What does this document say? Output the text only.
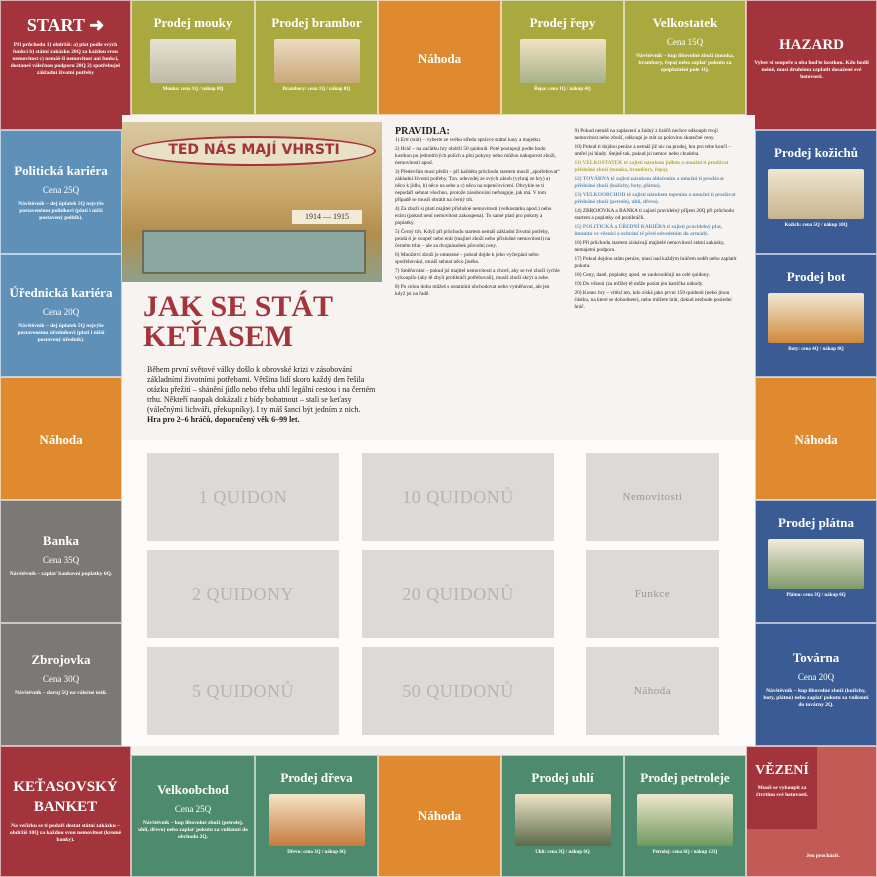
START ➜
Při průchodu 1) obdržíš: a) plat podle svých funkcí b) státní zakázku 20Q za každou svou nemovitost c) nemáš-li nemovitost ani funkci, dostaneš válečnou podporu 20Q 2) spotřebuješ základní životní potřeby
Prodej mouky
Mouka: cena 1Q / nákup 8Q
Prodej brambor
Brambory: cena 1Q / nákup 8Q
Náhoda
Prodej řepy
Řepa: cena 1Q / nákup 4Q
Velkostatek
Cena 15Q
Návštěvník – kup libovolné zboží (mouka, brambory, řepa) nebo zaplať pokutu za zpoplatnění pole 1Q.
HAZARD
Vyber si soupeře a oba hoďte kostkou. Kdo hodil méně, musí druhému zaplatit dosažené své hotovosti.
Politická kariéra
Cena 25Q
Návštěvník – dej úplatek 5Q nejvýše postavenému politikovi (platí i nižší postavený politik).
Úřednická kariéra
Cena 20Q
Návštěvník – dej úplatek 5Q nejvýše postavenému úředníkovi (platí i nižší postavený úředník).
Náhoda
Banka
Cena 35Q
Návštěvník – zaplať bankovní poplatky 6Q.
Zbrojovka
Cena 30Q
Návštěvník – daruj 5Q na válečné úsilí.
Prodej kožichů
Kožich: cena 5Q / nákup 10Q
Prodej bot
Boty: cena 4Q / nákup 8Q
Náhoda
Prodej plátna
Plátno: cena 3Q / nákup 6Q
Továrna
Cena 20Q
Návštěvník – kup libovolné zboží (kožichy, boty, plátno) nebo zaplať pokutu za vniknutí do továrny 2Q.
KEŤASOVSKÝ BANKET
Na večírku se ti podaří dostat státní zakázku – obdržíš 10Q za každou svou nemovitost (kromě banky).
Velkoobchod
Cena 25Q
Návštěvník – kup libovolné zboží (petrolej, uhlí, dřevo) nebo zaplať pokutu za vniknutí do obchodu 2Q.
Prodej dřeva
Dřevo: cena 3Q / nákup 6Q
Náhoda
Prodej uhlí
Uhlí: cena 3Q / nákup 6Q
Prodej petroleje
Petrolej: cena 6Q / nákup 12Q
VĚZENÍ
Musíš se vykoupit za čtvrtinu své hotovosti.
Jen procházíš.
TED NÁS MAJÍ VHRSTI
1914 — 1915
JAK SE STÁT
KEŤASEM
Během první světové války došlo k obrovské krizi v zásobování základními životními potřebami. Většina lidí skoro každý den řešila otázku přežití – shánění jídlo nebo třeba uhlí legální cestou i na černém trhu. Někteří naopak dokázali z bídy bohatnout – stali se keťasy (válečnými lichváři, překupníky). I ty máš šanci být jedním z nich.
Hra pro 2–6 hráčů, doporučený věk 6–99 let.
PRAVIDLA:

1) Ertr (stát) – vyberte ze svého středu správce státní kasy a majetku.

2) Hráč – na začátku hry obdrží 50 quidonů. Poté postupují podle hodu kostkou po jednotlivých polích a plní pokyny nebo můžou nakupovat zboží, nemovitosti apod.

3) Především musí přežít – při každém průchodu startem musíš „spotřebovat“ základní životní potřeby. Tzn. odevzdej ze svých zásob (vyhraj ze hry) a) něco k jídlu, b) něco na sebe a c) něco na topení/svícení. Obvykle se ti nepodaří sehnat všechno, protože zásobování nefunguje, jak má. V tom případě se musíš obrátit na černý trh.

4) Za zboží si platí majitel příslušné nemovitosti (velkostatku apod.) nebo eráru (pokud není nemovitost zakoupena). To samé platí pro pokuty a poplatky.

5) Černý trh. Když při průchodu startem nemáš základní životní potřeby, prodá ti je soupeř nebo erár (majitel zboží nebo příslušné nemovitosti) na černém trhu – ale za dvojnásobek původní ceny.

6) Množství zboží je omezené – pokud dojde k jeho vyčerpání nebo spotřebování, musíš sehnat něco jiného.

7) Směňování – pokud jsi majitel nemovitosti a chceš, aby se tvé zboží rychle vykoupilo (aby tě zbylí protihráči potřebovali), musíš zboží skrýt u sebe.

8) Po celou dobu můžeš s ostatními obchodovat nebo vyměňovat, ale jen když jsi na řadě.

9) Pokud nemáš na zaplacení a žádný z hráčů nechce odkoupit tvoji nemovitost nebo zboží, odkoupí je stát za polovinu skutečné ceny.

10) Pokud ti dojdou peníze a nemáš již nic na prodej, hra pro tebe končí – umřel jsi hlady. Stejně tak, pokud jsi nemoc nebo chudoba.

11) VELKOSTATEK tě zajistí nárokem jídlem a umožní ti prodávat příslušné zboží (mouka, brambory, řepa).

12) TOVÁRNA tě zajistí nárokem oblečením a umožní ti prodávat příslušné zboží (kožichy, boty, plátno).

13) VELKOOBCHOD tě zajistí nárokem topením a umožní ti prodávat příslušné zboží (petrolej, uhlí, dřevo).

14) ZBROJOVKA a BANKA ti zajistí pravidelný příjem 20Q při průchodu startem a poplatky od protihráčů.

15) POLITICKÁ a ÚŘEDNÍ KARIÉRA ti zajistí pravidelný plat, imunitu ve věznici a ochrání tě před odvedením do armády.

16) Při průchodu startem získávají majitelé nemovitostí státní zakázky, nemajetní podporu.

17) Pokud dojdou státu peníze, musí nad každým hráčem sedět nebo zaplatit pokutu.

18) Ceny, daně, poplatky apod. se zaokrouhlují na celé quidony.

19) Do vězení (za mříže) tě může poslat jen kartička náhody.

20) Konec hry – vítězí ten, kdo získá jako první 150 quidonů (nebo jinou částku, na které se dohodnete), nebo můžete hrát, dokud nezbude poslední hráč.

1 QUIDON	10 QUIDONŮ	Nemovitosti
2 QUIDONY	20 QUIDONŮ	Funkce
5 QUIDONŮ	50 QUIDONŮ	Náhoda
